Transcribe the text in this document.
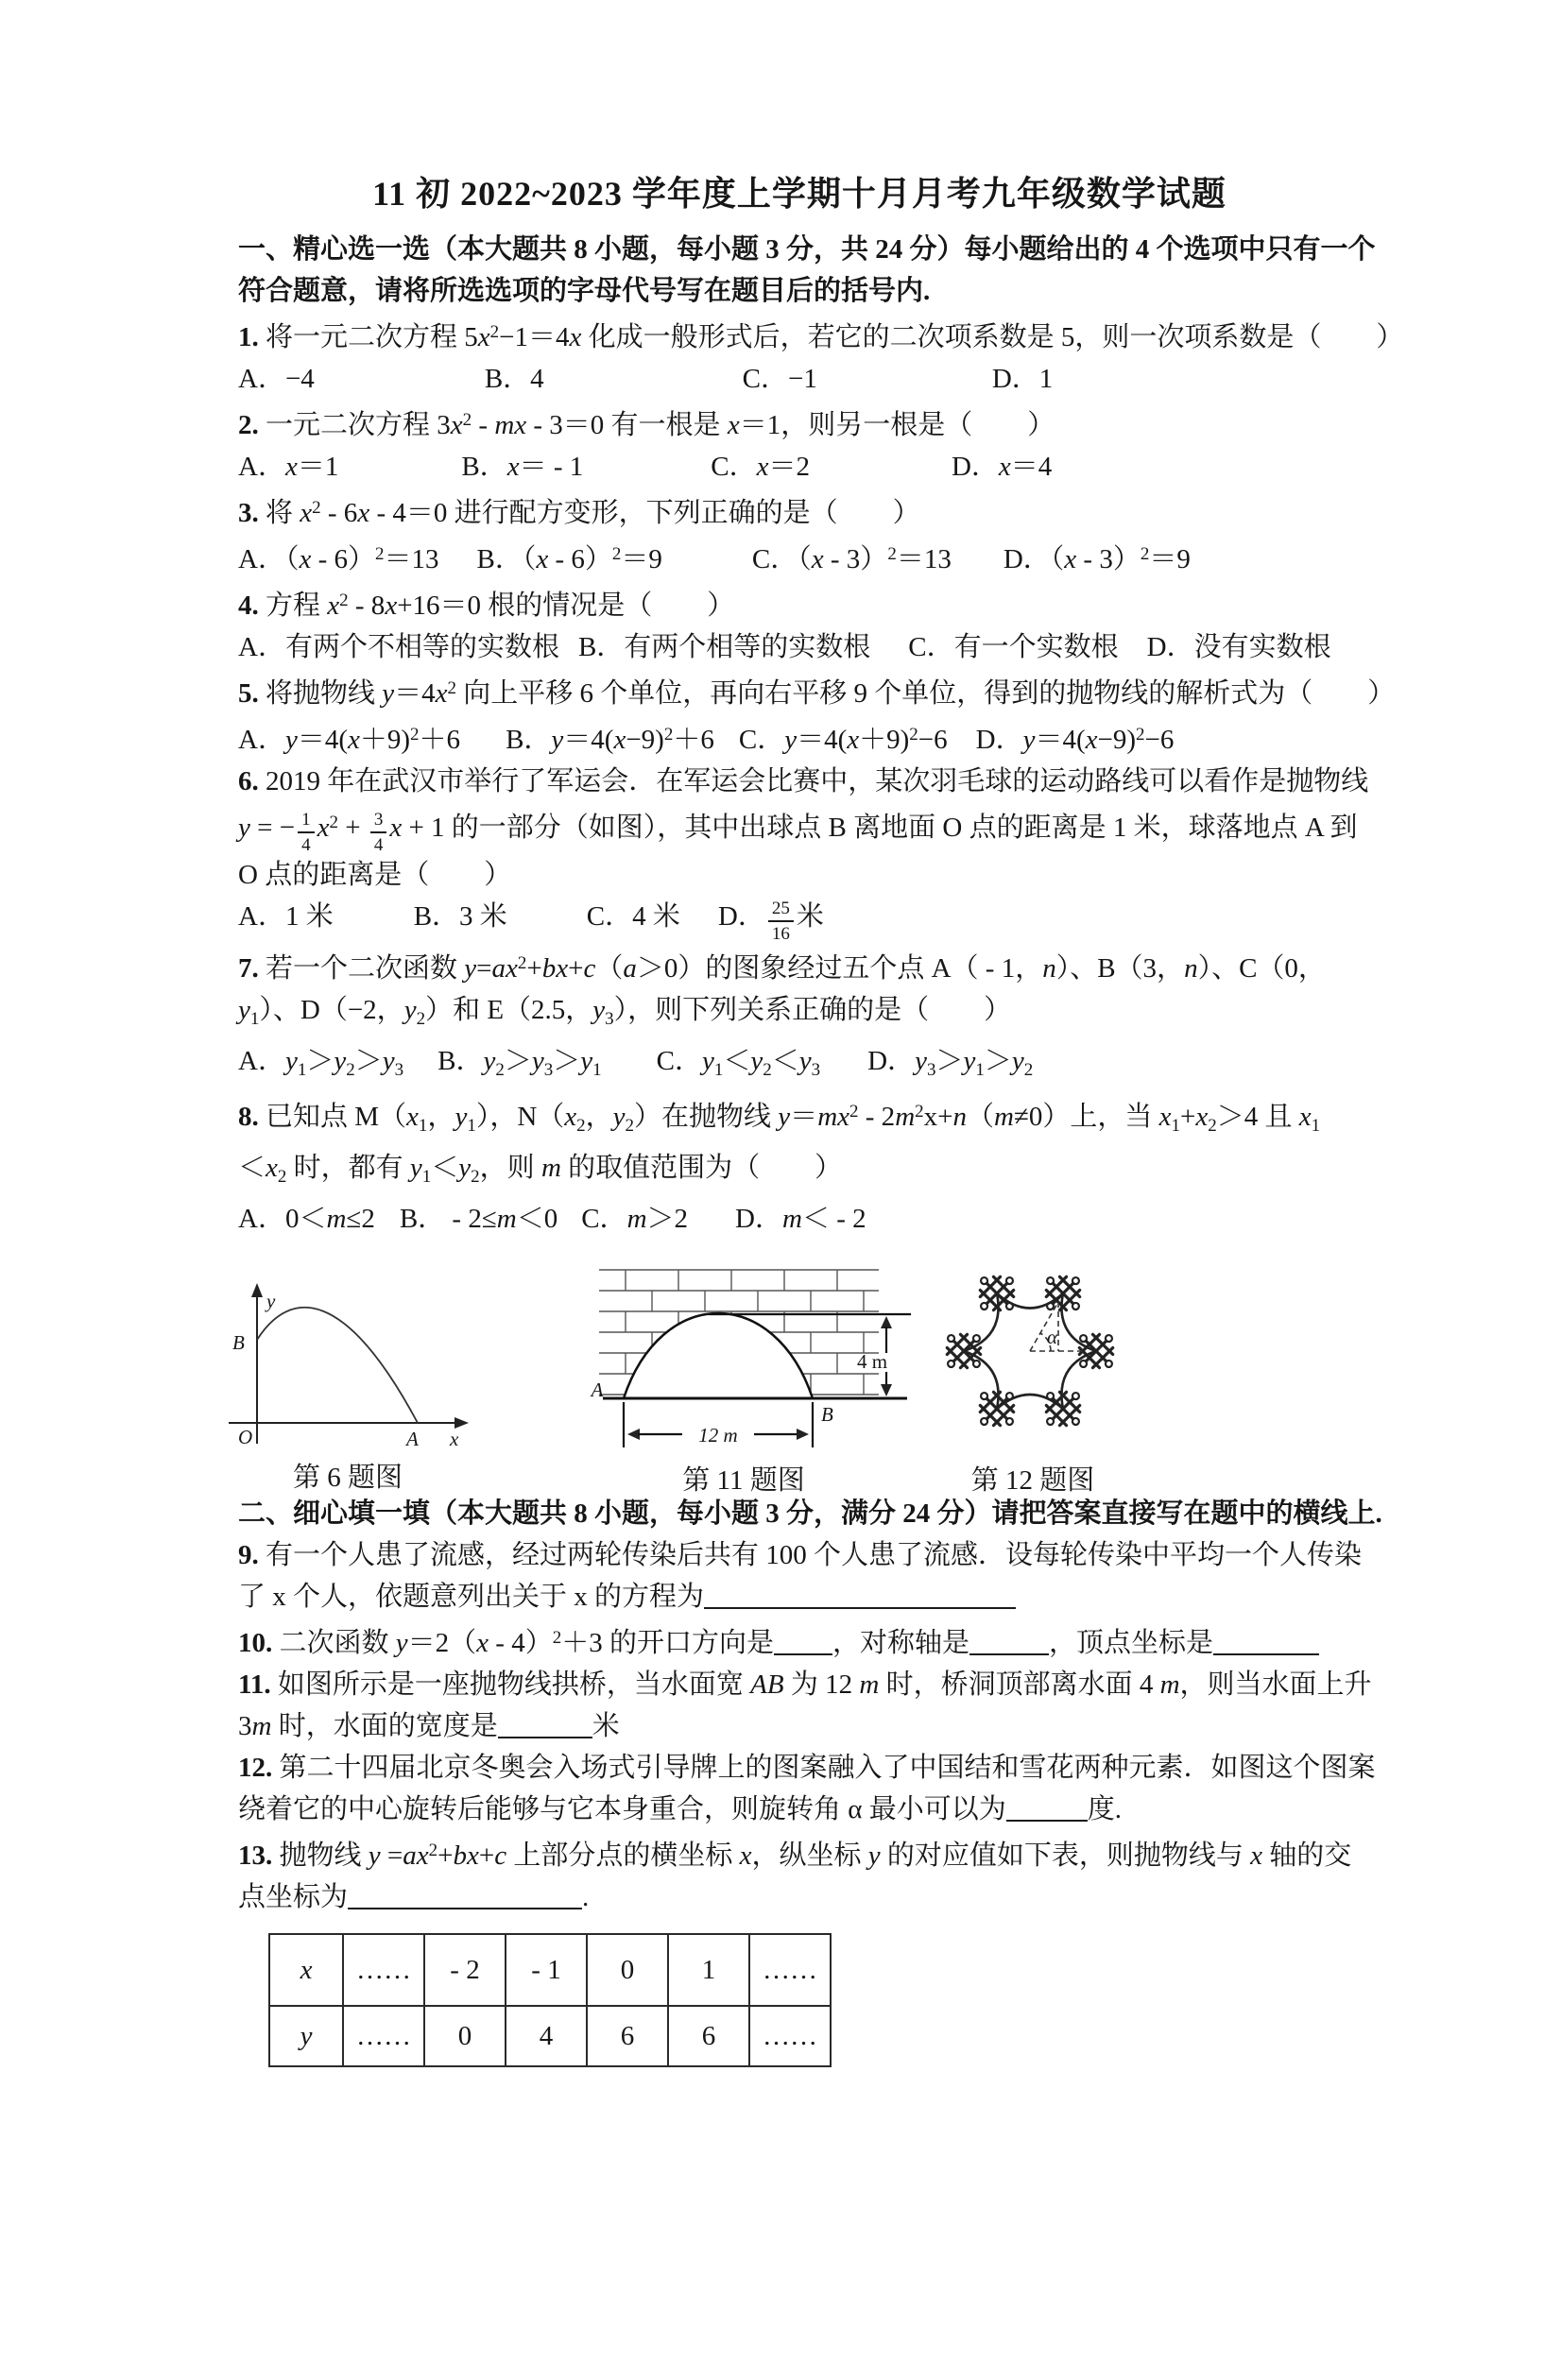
11 初 2022~2023 学年度上学期十月月考九年级数学试题
一、精心选一选（本大题共 8 小题，每小题 3 分，共 24 分）每小题给出的 4 个选项中只有一个
符合题意，请将所选选项的字母代号写在题目后的括号内.
1. 将一元二次方程 $5x^2-1=4x$ 化成一般形式后，若它的二次项系数是 5，则一次项系数是（　　）
A．−4	B．4	C．−1	D．1
2. 一元二次方程 $3x^2$ - mx - 3＝0 有一根是 x＝1，则另一根是（　　）
A．x＝1	B．x＝ - 1	C．x＝2	D．x＝4
3. 将 $x^2 - 6x - 4=0$ 进行配方变形，下列正确的是（　　）
A．（x - 6）$^2$＝13 B．（x - 6）$^2$＝9	C．（x - 3）$^2$＝13 D．（x - 3）$^2$＝9
4. 方程 $x^2 - 8x+16=0$ 根的情况是（　　）
A．有两个不相等的实数根 B．有两个相等的实数根 C．有一个实数根 D．没有实数根
5. 将抛物线 $y=4x^2$ 向上平移 6 个单位，再向右平移 9 个单位，得到的抛物线的解析式为（　　）
A．$y=4(x+9)^2+6$ B．$y=4(x-9)^2+6$ C．$y=4(x+9)^2-6$ D．$y=4(x-9)^2-6$
6. 2019 年在武汉市举行了军运会．在军运会比赛中，某次羽毛球的运动路线可以看作是抛物线
y = − $\frac{1}{4} x^2 + \frac{3}{4}$ x + 1 的一部分（如图），其中出球点 B 离地面 O 点的距离是 1 米，球落地点 A 到
O 点的距离是（　　）
A．1 米	B．3 米	C．4 米 D． $\frac{25}{16}$ 米
7. 若一个二次函数 $y=ax^2+bx+c(a>0)$的图象经过五个点 A（ - 1，n）、B（3，n）、C（0，
$y_1$）、D（−2，$y_2$）和 E（2.5，$y_3$），则下列关系正确的是（　　）
A．$y_1>y_2>y_3$ B．$y_2>y_3>y_1$ C．$y_1<y_2<y_3$ D．$y_3>y_1>y_2$
8. 已知点 $M(x_1$，$y_1$），$N(x_2$，$y_2$）在抛物线 $y=mx^2 - 2m^2x+n(m\ne 0)$上，当 $x_1+x_2>4$ 且 $x_1$
$<x_2$ 时，都有 $y_1<y_2$，则 m 的取值范围为（　　）
A．0＜m≤2 B． - 2≤m＜0 C．m＞2 D．m＜ - 2
y
B
O	A x
第 6 题图
4 m
12 m
A
B
第 11 题图
α
第 12 题图
二、细心填一填（本大题共 8 小题，每小题 3 分，满分 24 分）请把答案直接写在题中的横线上.
9. 有一个人患了流感，经过两轮传染后共有 100 个人患了流感．设每轮传染中平均一个人传染
了 x 个人，依题意列出关于 x 的方程为
10. 二次函数 y＝2（x - 4）$^2$＋3 的开口方向是 ，对称轴是	，顶点坐标是
11. 如图所示是一座抛物线拱桥，当水面宽 AB 为 12 m 时，桥洞顶部离水面 4 m，则当水面上升
3m 时，水面的宽度是	米
12. 第二十四届北京冬奥会入场式引导牌上的图案融入了中国结和雪花两种元素．如图这个图案
绕着它的中心旋转后能够与它本身重合，则旋转角 α 最小可以为	度.
13. 抛物线 $y =ax^2+bx+c$ 上部分点的横坐标 x，纵坐标 y 的对应值如下表，则抛物线与 x 轴的交
点坐标为	.
x	……	- 2	- 1	0	1	……
y	……	0	4	6	6	……
